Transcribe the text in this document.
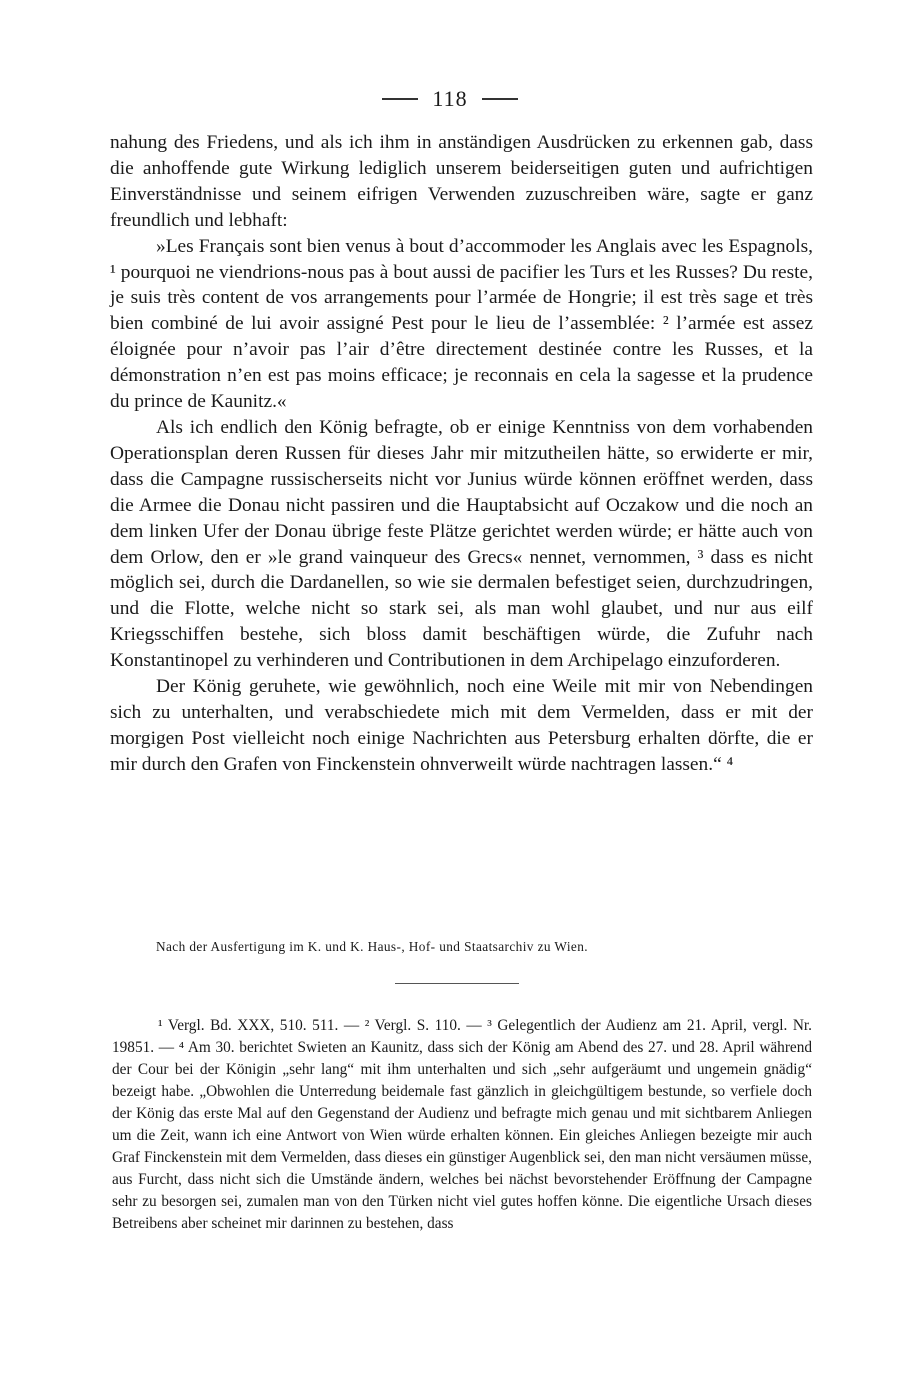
118

nahung des Friedens, und als ich ihm in anständigen Ausdrücken zu erkennen gab, dass die anhoffende gute Wirkung lediglich unserem beiderseitigen guten und aufrichtigen Einverständnisse und seinem eifrigen Verwenden zuzuschreiben wäre, sagte er ganz freundlich und lebhaft:

»Les Français sont bien venus à bout d’accommoder les Anglais avec les Espagnols, ¹ pourquoi ne viendrions-nous pas à bout aussi de pacifier les Turs et les Russes? Du reste, je suis très content de vos arrangements pour l’armée de Hongrie; il est très sage et très bien combiné de lui avoir assigné Pest pour le lieu de l’assemblée: ² l’armée est assez éloignée pour n’avoir pas l’air d’être directement destinée contre les Russes, et la démonstration n’en est pas moins efficace; je reconnais en cela la sagesse et la prudence du prince de Kaunitz.«

Als ich endlich den König befragte, ob er einige Kenntniss von dem vorhabenden Operationsplan deren Russen für dieses Jahr mir mitzutheilen hätte, so erwiderte er mir, dass die Campagne russischerseits nicht vor Junius würde können eröffnet werden, dass die Armee die Donau nicht passiren und die Hauptabsicht auf Oczakow und die noch an dem linken Ufer der Donau übrige feste Plätze gerichtet werden würde; er hätte auch von dem Orlow, den er »le grand vainqueur des Grecs« nennet, vernommen, ³ dass es nicht möglich sei, durch die Dardanellen, so wie sie dermalen befestiget seien, durchzudringen, und die Flotte, welche nicht so stark sei, als man wohl glaubet, und nur aus eilf Kriegsschiffen bestehe, sich bloss damit beschäftigen würde, die Zufuhr nach Konstantinopel zu verhinderen und Contributionen in dem Archipelago einzuforderen.

Der König geruhete, wie gewöhnlich, noch eine Weile mit mir von Nebendingen sich zu unterhalten, und verabschiedete mich mit dem Vermelden, dass er mit der morgigen Post vielleicht noch einige Nachrichten aus Petersburg erhalten dörfte, die er mir durch den Grafen von Finckenstein ohnverweilt würde nachtragen lassen.“ ⁴

Nach der Ausfertigung im K. und K. Haus-, Hof- und Staatsarchiv zu Wien.

¹ Vergl. Bd. XXX, 510. 511. — ² Vergl. S. 110. — ³ Gelegentlich der Audienz am 21. April, vergl. Nr. 19851. — ⁴ Am 30. berichtet Swieten an Kaunitz, dass sich der König am Abend des 27. und 28. April während der Cour bei der Königin „sehr lang“ mit ihm unterhalten und sich „sehr aufgeräumt und ungemein gnädig“ bezeigt habe. „Obwohlen die Unterredung beidemale fast gänzlich in gleichgültigem bestunde, so verfiele doch der König das erste Mal auf den Gegenstand der Audienz und befragte mich genau und mit sichtbarem Anliegen um die Zeit, wann ich eine Antwort von Wien würde erhalten können. Ein gleiches Anliegen bezeigte mir auch Graf Finckenstein mit dem Vermelden, dass dieses ein günstiger Augenblick sei, den man nicht versäumen müsse, aus Furcht, dass nicht sich die Umstände ändern, welches bei nächst bevorstehender Eröffnung der Campagne sehr zu besorgen sei, zumalen man von den Türken nicht viel gutes hoffen könne. Die eigentliche Ursach dieses Betreibens aber scheinet mir darinnen zu bestehen, dass
